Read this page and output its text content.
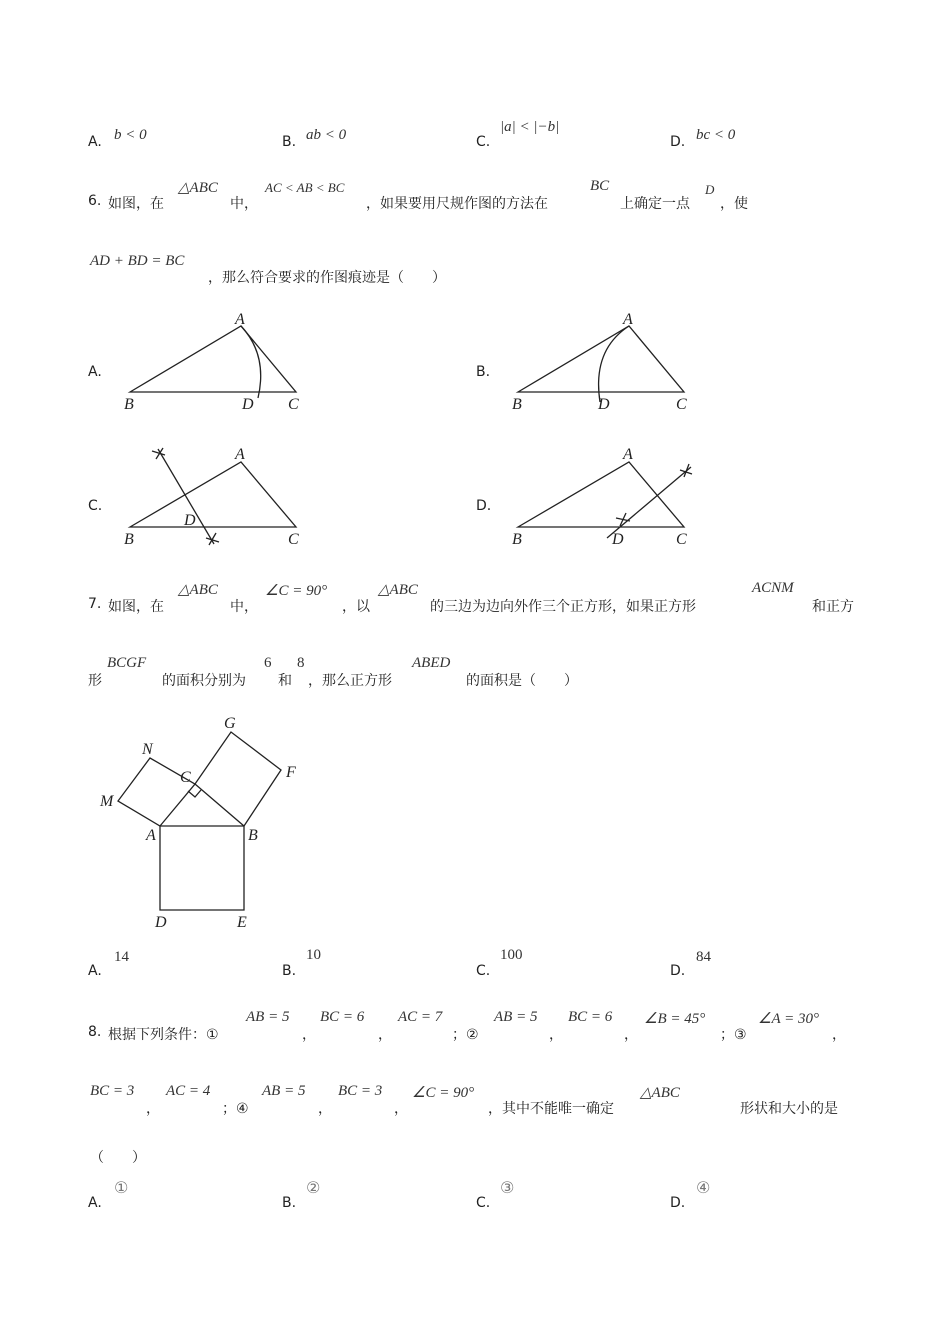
A. b < 0	B. ab < 0	C.
|a| < |−b|
D. bc < 0
6. 如图，在
△ABC
中，
AC < AB < BC
，如果要用尺规作图的方法在
BC
上确定一点
D
，使
AD + BD = BC
，那么符合要求的作图痕迹是（　　）
A.	B.
C.	D.
A
B	D C
A
B	D	C
A
B
D
C
A
B	D	C
7. 如图，在
△ABC
中，
∠C = 90°
，以
△ABC
的三边为边向外作三个正方形，如果正方形
ACNM
和正方
形
BCGF
的面积分别为
6
和
8
，那么正方形
ABED
的面积是（　　）
G
N
C	F
M
A	B
D	E
A.
14
B.
10
C.
100
D.
84
8. 根据下列条件：①
AB = 5
，
BC = 6
，
AC = 7
；②
AB = 5
，
BC = 6
，
∠B = 45°
；③
∠A = 30°
，
BC = 3
，
AC = 4
；④
AB = 5
，
BC = 3
，
∠C = 90°
，其中不能唯一确定
△ABC
形状和大小的是
（　　）
A.
①
B.
②
C.
③
D.
④
